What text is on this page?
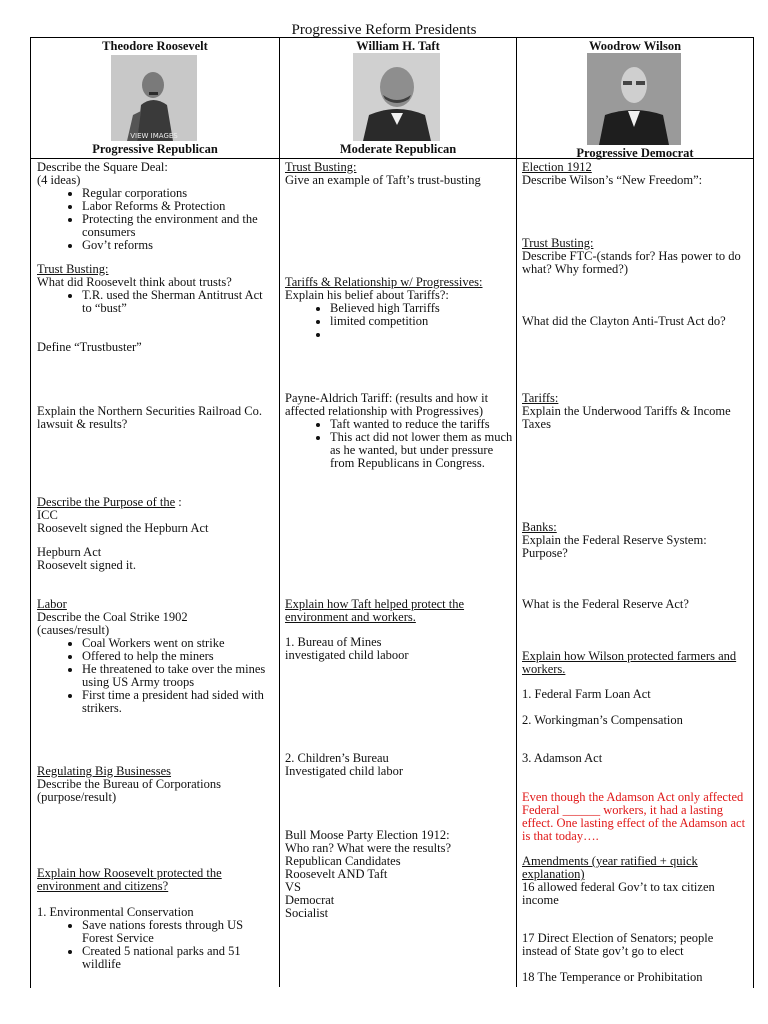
Progressive Reform Presidents
Theodore Roosevelt
VIEW IMAGES
Progressive Republican
William H. Taft
Moderate Republican
Woodrow Wilson
Progressive Democrat

Describe the Square Deal:

(4 ideas)

• Regular corporations
• Labor Reforms & Protection
• Protecting the environment and the consumers
• Gov’t reforms

Trust Busting:

What did Roosevelt think about trusts?

• T.R. used the Sherman Antitrust Act to “bust”

Define “Trustbuster”

Explain the Northern Securities Railroad Co. lawsuit & results?

Describe the Purpose of the :

ICC

Roosevelt signed the Hepburn Act

Hepburn Act

Roosevelt signed it.

Labor

Describe the Coal Strike 1902

(causes/result)

• Coal Workers went on strike
• Offered to help the miners
• He threatened to take over the mines using US Army troops
• First time a president had sided with strikers.

Regulating Big Businesses

Describe the Bureau of Corporations

(purpose/result)

Explain how Roosevelt protected the environment and citizens?

1. Environmental Conservation

• Save nations forests through US Forest Service
• Created 5 national parks and 51 wildlife

Trust Busting:

Give an example of Taft’s trust-busting

Tariffs & Relationship w/ Progressives:

Explain his belief about Tariffs?:

• Believed high Tarriffs
• limited competition
•

Payne-Aldrich Tariff: (results and how it affected relationship with Progressives)

• Taft wanted to reduce the tariffs
• This act did not lower them as much as he wanted, but under pressure from Republicans in Congress.

Explain how Taft helped protect the environment and workers.

1. Bureau of Mines

investigated child laboor

2. Children’s Bureau

Investigated child labor

Bull Moose Party Election 1912:

Who ran? What were the results?

Republican Candidates

Roosevelt AND Taft

VS

Democrat

Socialist

Election 1912

Describe Wilson’s “New Freedom”:

Trust Busting:

Describe FTC-(stands for? Has power to do what? Why formed?)

What did the Clayton Anti-Trust Act do?

Tariffs:

Explain the Underwood Tariffs & Income Taxes

Banks:

Explain the Federal Reserve System: Purpose?

What is the Federal Reserve Act?

Explain how Wilson protected farmers and workers.

1. Federal Farm Loan Act

2. Workingman’s Compensation

3. Adamson Act

Even though the Adamson Act only affected Federal ______ workers, it had a lasting effect. One lasting effect of the Adamson act is that today….

Amendments (year ratified + quick explanation)

16 allowed federal Gov’t to tax citizen income

17 Direct Election of Senators; people instead of State gov’t go to elect

18 The Temperance or Prohibitation
